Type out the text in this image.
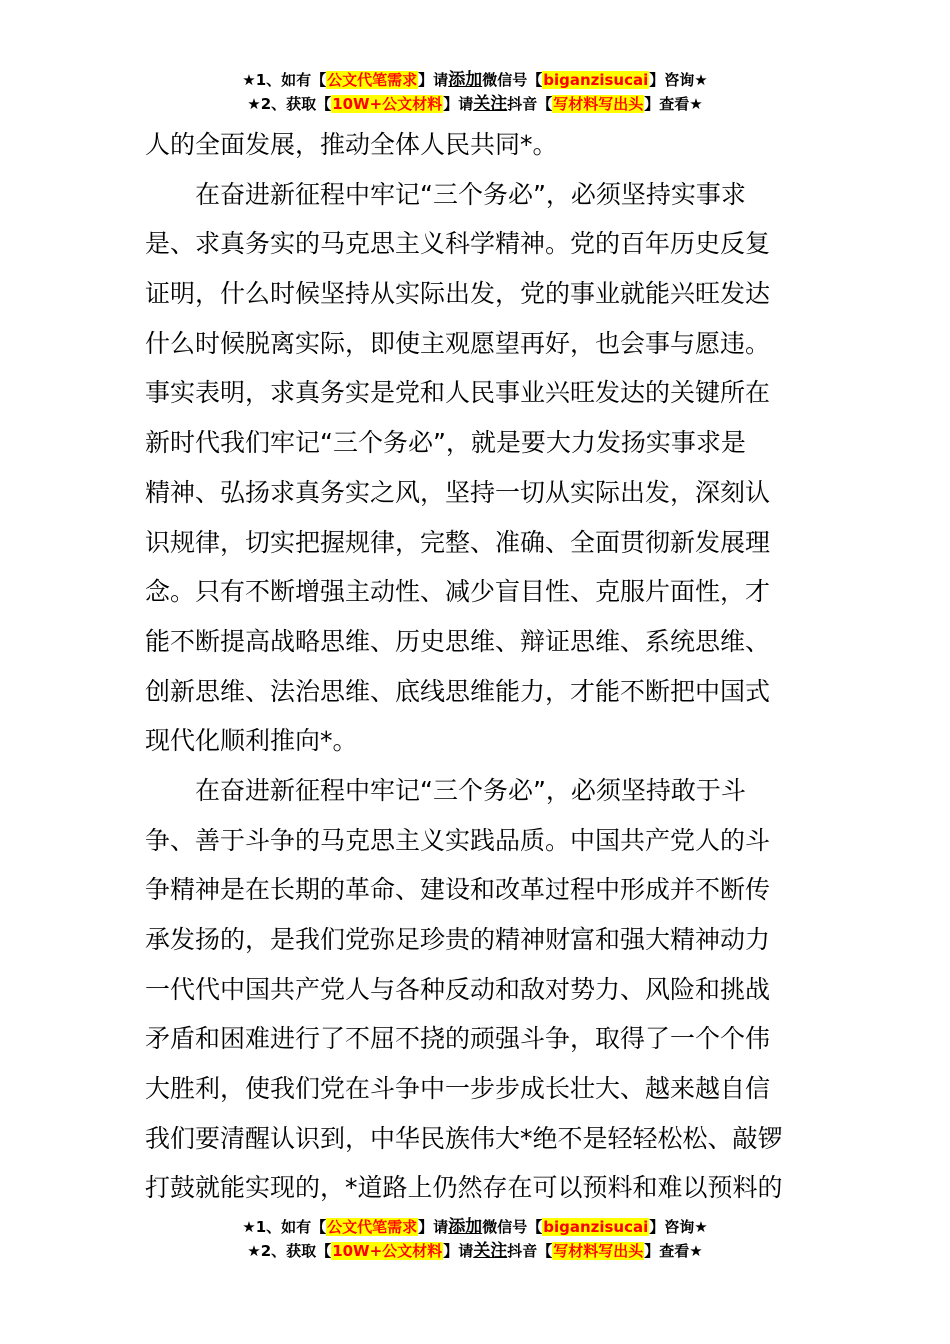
★1、如有【公文代笔需求】请添加微信号【biganzisucai】咨询★
★2、获取【10W+公文材料】请关注抖音【写材料写出头】查看★
人的全面发展，推动全体人民共同*。
在奋进新征程中牢记“三个务必”，必须坚持实事求
是、求真务实的马克思主义科学精神。党的百年历史反复
证明，什么时候坚持从实际出发，党的事业就能兴旺发达
什么时候脱离实际，即使主观愿望再好，也会事与愿违。
事实表明，求真务实是党和人民事业兴旺发达的关键所在
新时代我们牢记“三个务必”，就是要大力发扬实事求是
精神、弘扬求真务实之风，坚持一切从实际出发，深刻认
识规律，切实把握规律，完整、准确、全面贯彻新发展理
念。只有不断增强主动性、减少盲目性、克服片面性，才
能不断提高战略思维、历史思维、辩证思维、系统思维、
创新思维、法治思维、底线思维能力，才能不断把中国式
现代化顺利推向*。
在奋进新征程中牢记“三个务必”，必须坚持敢于斗
争、善于斗争的马克思主义实践品质。中国共产党人的斗
争精神是在长期的革命、建设和改革过程中形成并不断传
承发扬的，是我们党弥足珍贵的精神财富和强大精神动力
一代代中国共产党人与各种反动和敌对势力、风险和挑战
矛盾和困难进行了不屈不挠的顽强斗争，取得了一个个伟
大胜利，使我们党在斗争中一步步成长壮大、越来越自信
我们要清醒认识到，中华民族伟大*绝不是轻轻松松、敲锣
打鼓就能实现的，*道路上仍然存在可以预料和难以预料的
★1、如有【公文代笔需求】请添加微信号【biganzisucai】咨询★
★2、获取【10W+公文材料】请关注抖音【写材料写出头】查看★
